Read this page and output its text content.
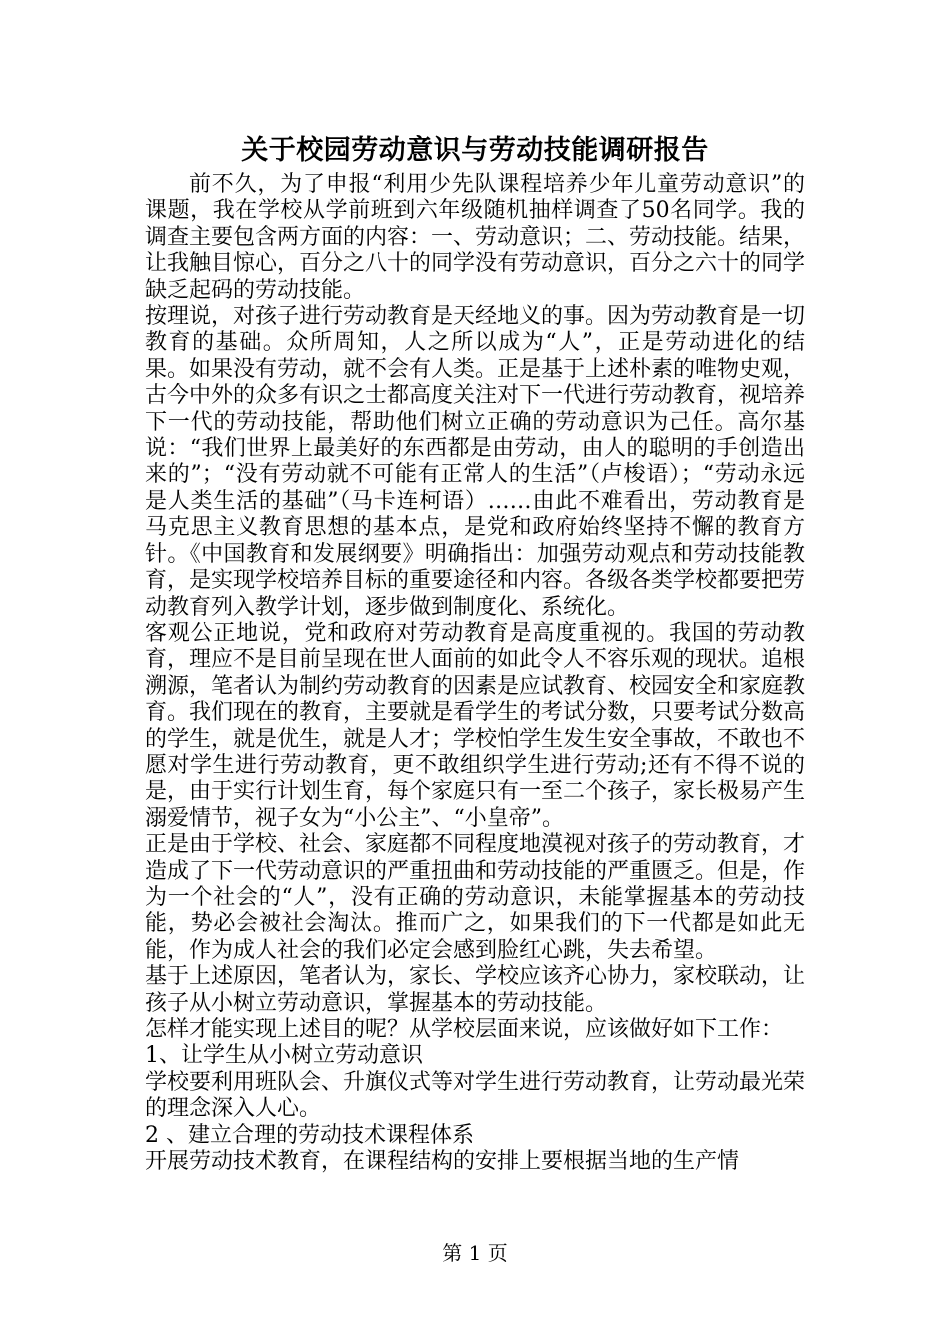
关于校园劳动意识与劳动技能调研报告

前不久，为了申报“利用少先队课程培养少年儿童劳动意识”的课题，我在学校从学前班到六年级随机抽样调查了50名同学。我的调查主要包含两方面的内容：一、劳动意识；二、劳动技能。结果，让我触目惊心，百分之八十的同学没有劳动意识，百分之六十的同学缺乏起码的劳动技能。

按理说，对孩子进行劳动教育是天经地义的事。因为劳动教育是一切教育的基础。众所周知，人之所以成为“人”，正是劳动进化的结果。如果没有劳动，就不会有人类。正是基于上述朴素的唯物史观，古今中外的众多有识之士都高度关注对下一代进行劳动教育，视培养下一代的劳动技能，帮助他们树立正确的劳动意识为己任。高尔基说：“我们世界上最美好的东西都是由劳动，由人的聪明的手创造出来的”；“没有劳动就不可能有正常人的生活”（卢梭语）；“劳动永远是人类生活的基础”（马卡连柯语）……由此不难看出，劳动教育是马克思主义教育思想的基本点，是党和政府始终坚持不懈的教育方针。《中国教育和发展纲要》明确指出：加强劳动观点和劳动技能教育，是实现学校培养目标的重要途径和内容。各级各类学校都要把劳动教育列入教学计划，逐步做到制度化、系统化。

客观公正地说，党和政府对劳动教育是高度重视的。我国的劳动教育，理应不是目前呈现在世人面前的如此令人不容乐观的现状。追根溯源，笔者认为制约劳动教育的因素是应试教育、校园安全和家庭教育。我们现在的教育，主要就是看学生的考试分数，只要考试分数高的学生，就是优生，就是人才；学校怕学生发生安全事故，不敢也不愿对学生进行劳动教育，更不敢组织学生进行劳动;还有不得不说的是，由于实行计划生育，每个家庭只有一至二个孩子，家长极易产生溺爱情节，视子女为“小公主”、“小皇帝”。

正是由于学校、社会、家庭都不同程度地漠视对孩子的劳动教育，才造成了下一代劳动意识的严重扭曲和劳动技能的严重匮乏。但是，作为一个社会的“人”，没有正确的劳动意识，未能掌握基本的劳动技能，势必会被社会淘汰。推而广之，如果我们的下一代都是如此无能，作为成人社会的我们必定会感到脸红心跳，失去希望。

基于上述原因，笔者认为，家长、学校应该齐心协力，家校联动，让孩子从小树立劳动意识，掌握基本的劳动技能。

怎样才能实现上述目的呢？从学校层面来说，应该做好如下工作：

1、让学生从小树立劳动意识

学校要利用班队会、升旗仪式等对学生进行劳动教育，让劳动最光荣的理念深入人心。

2 、建立合理的劳动技术课程体系

开展劳动技术教育，在课程结构的安排上要根据当地的生产情

第 1 页
